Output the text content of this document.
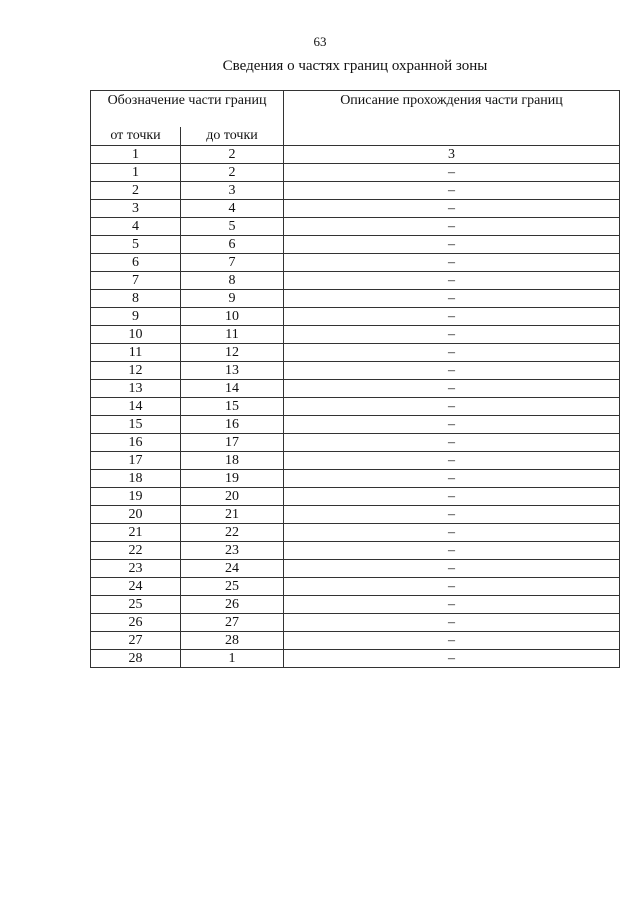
63
Сведения о частях границ охранной зоны
Обозначение части границ		Описание прохождения части границ
от точки	до точки	
1	2	3
1	2	–
2	3	–
3	4	–
4	5	–
5	6	–
6	7	–
7	8	–
8	9	–
9	10	–
10	11	–
11	12	–
12	13	–
13	14	–
14	15	–
15	16	–
16	17	–
17	18	–
18	19	–
19	20	–
20	21	–
21	22	–
22	23	–
23	24	–
24	25	–
25	26	–
26	27	–
27	28	–
28	1	–
